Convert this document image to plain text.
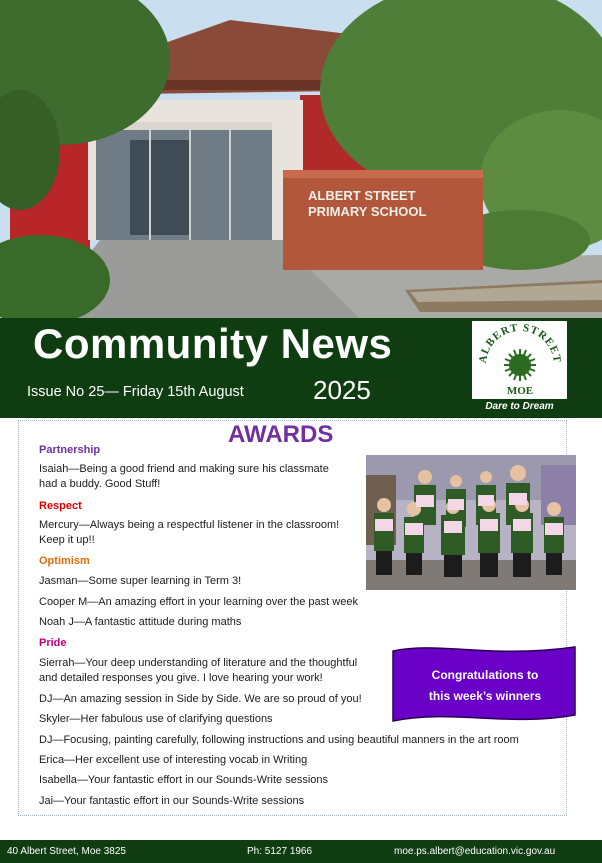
ALBERT STREET
PRIMARY SCHOOL
Community News
Issue No 25— Friday 15th August	2025
ALBERT STREET
MOE
Dare to Dream
AWARDS
Partnership
Isaiah—Being a good friend and making sure his classmate
had a buddy. Good Stuff!
Respect
Mercury—Always being a respectful listener in the classroom!
Keep it up!!
Optimism
Jasman—Some super learning in Term 3!
Cooper M—An amazing effort in your learning over the past week
Noah J—A fantastic attitude during maths
Pride
Sierrah—Your deep understanding of literature and the thoughtful
and detailed responses you give. I love hearing your work!
DJ—An amazing session in Side by Side. We are so proud of you!
Skyler—Her fabulous use of clarifying questions
DJ—Focusing, painting carefully, following instructions and using beautiful manners in the art room
Erica—Her excellent use of interesting vocab in Writing
Isabella—Your fantastic effort in our Sounds-Write sessions
Jai—Your fantastic effort in our Sounds-Write sessions
Congratulations to
this week’s winners
40 Albert Street, Moe 3825	Ph: 5127 1966	moe.ps.albert@education.vic.gov.au
